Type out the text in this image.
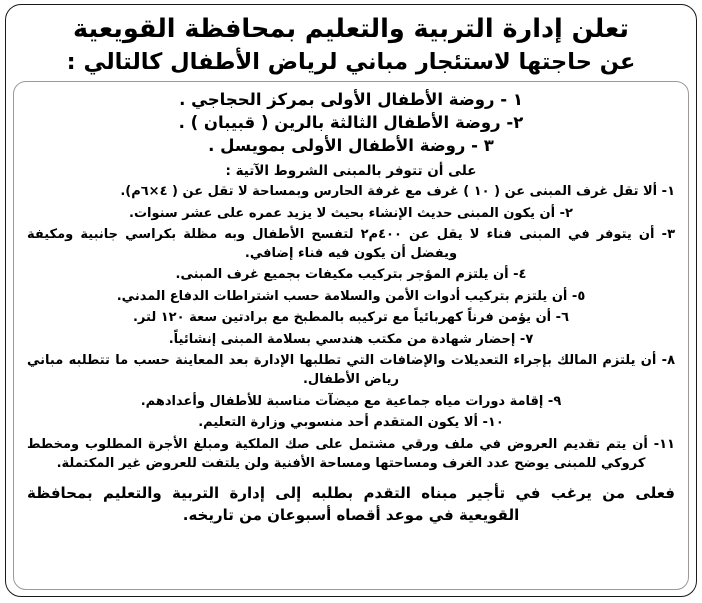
تعلن إدارة التربية والتعليم بمحافظة القويعية
عن حاجتها لاستئجار مباني لرياض الأطفال كالتالي :
١ - روضة الأطفال الأولى بمركز الحجاجي .
٢- روضة الأطفال الثالثة بالرين ( قبيبان ) .
٣ - روضة الأطفال الأولى بمويسل .
على أن تتوفر بالمبنى الشروط الآتية :
١- ألا تقل غرف المبنى عن ( ١٠ ) غرف مع غرفة الحارس وبمساحة لا تقل عن ( ٤×٦م).
٢- أن يكون المبنى حديث الإنشاء بحيث لا يزيد عمره على عشر سنوات.
٣- أن يتوفر في المبنى فناء لا يقل عن ٤٠٠م٢ لتفسح الأطفال وبه مظلة بكراسي جانبية ومكيفة ويفضل أن يكون فيه فناء إضافي.
٤- أن يلتزم المؤجر بتركيب مكيفات بجميع غرف المبنى.
٥- أن يلتزم بتركيب أدوات الأمن والسلامة حسب اشتراطات الدفاع المدني.
٦- أن يؤمن فرناً كهربائياً مع تركيبه بالمطبخ مع برادتين سعة ١٢٠ لتر.
٧- إحضار شهادة من مكتب هندسي بسلامة المبنى إنشائياً.
٨- أن يلتزم المالك بإجراء التعديلات والإضافات التي تطلبها الإدارة بعد المعاينة حسب ما تتطلبه مباني رياض الأطفال.
٩- إقامة دورات مياه جماعية مع ميضآت مناسبة للأطفال وأعدادهم.
١٠- ألا يكون المتقدم أحد منسوبي وزارة التعليم.
١١- أن يتم تقديم العروض في ملف ورقي مشتمل على صك الملكية ومبلغ الأجرة المطلوب ومخطط كروكي للمبنى يوضح عدد الغرف ومساحتها ومساحة الأفنية ولن يلتفت للعروض غير المكتملة.
فعلى من يرغب في تأجير مبناه التقدم بطلبه إلى إدارة التربية والتعليم بمحافظة القويعية في موعد أقصاه أسبوعان من تاريخه.
